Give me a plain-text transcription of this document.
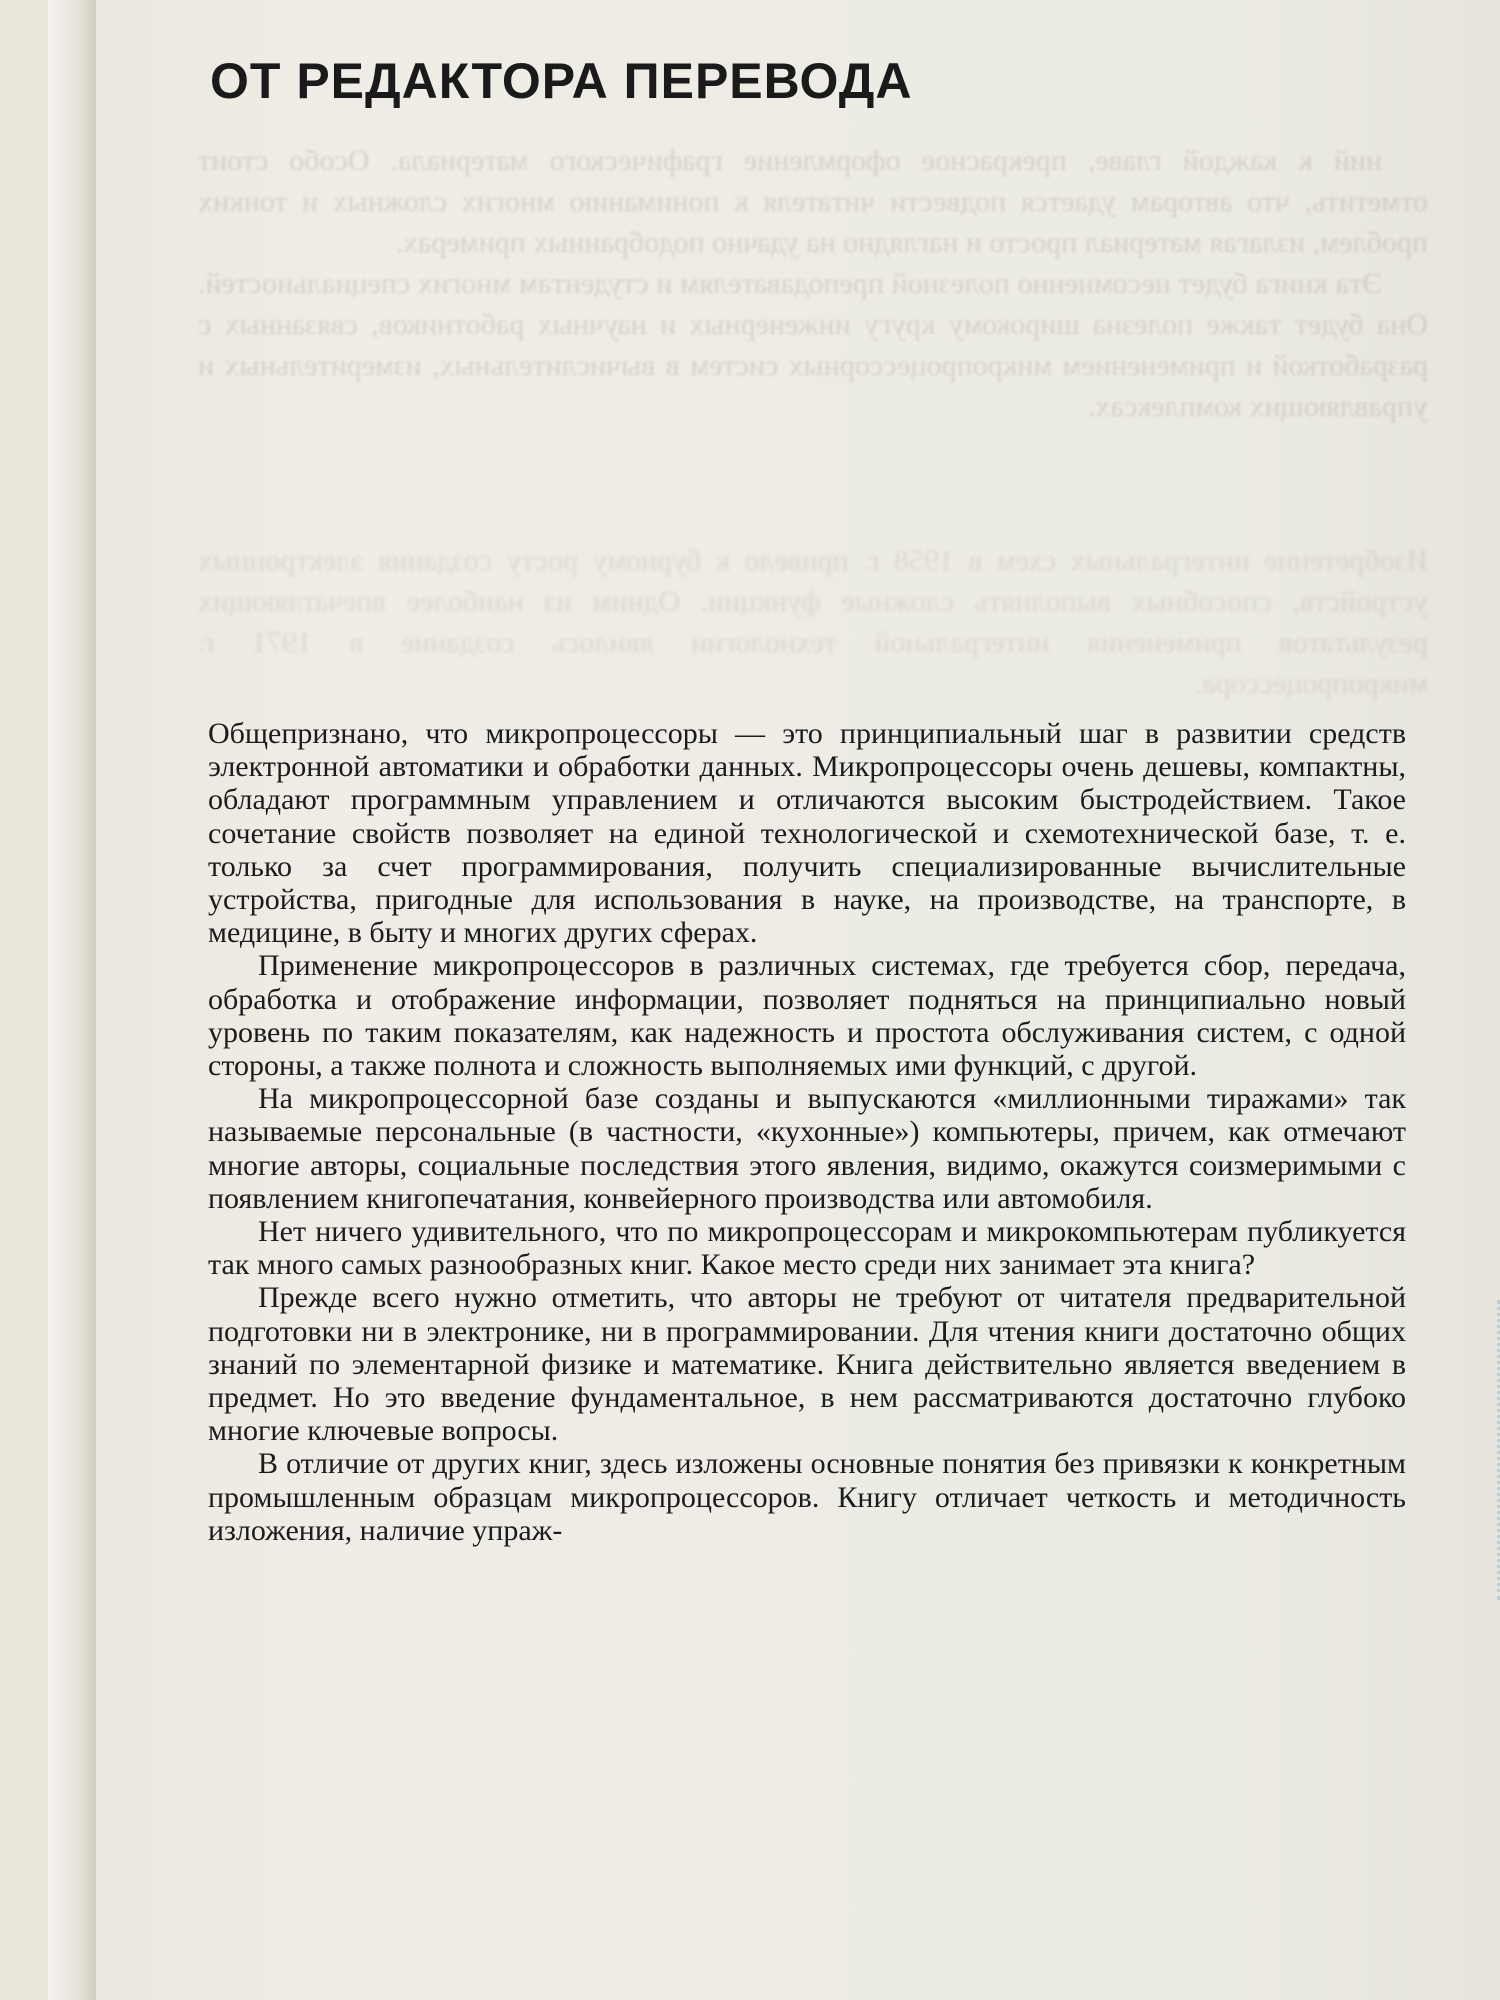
ний к каждой главе, прекрасное оформление графического материала. Особо стоит отметить, что авторам удается подвести читателя к пониманию многих сложных и тонких проблем, излагая материал просто и наглядно на удачно подобранных примерах.

Эта книга будет несомненно полезной преподавателям и студентам многих специальностей. Она будет также полезна широкому кругу инженерных и научных работников, связанных с разработкой и применением микропроцессорных систем в вычислительных, измерительных и управляющих комплексах.

Изобретение интегральных схем в 1958 г. привело к бурному росту создания электронных устройств, способных выполнять сложные функции. Одним из наиболее впечатляющих результатов применения интегральной технологии явилось создание в 1971 г. микропроцессора.

ОТ РЕДАКТОРА ПЕРЕВОДА

Общепризнано, что микропроцессоры — это принципиальный шаг в развитии средств электронной автоматики и обработки данных. Микропроцессоры очень дешевы, компактны, обладают программным управлением и отличаются высоким быстродействием. Такое сочетание свойств позволяет на единой технологической и схемотехнической базе, т. е. только за счет программирования, получить специализированные вычислительные устройства, пригодные для использования в науке, на производстве, на транспорте, в медицине, в быту и многих других сферах.

Применение микропроцессоров в различных системах, где требуется сбор, передача, обработка и отображение информации, позволяет подняться на принципиально новый уровень по таким показателям, как надежность и простота обслуживания систем, с одной стороны, а также полнота и сложность выполняемых ими функций, с другой.

На микропроцессорной базе созданы и выпускаются «миллионными тиражами» так называемые персональные (в частности, «кухонные») компьютеры, причем, как отмечают многие авторы, социальные последствия этого явления, видимо, окажутся соизмеримыми с появлением книгопечатания, конвейерного производства или автомобиля.

Нет ничего удивительного, что по микропроцессорам и микрокомпьютерам публикуется так много самых разнообразных книг. Какое место среди них занимает эта книга?

Прежде всего нужно отметить, что авторы не требуют от читателя предварительной подготовки ни в электронике, ни в программировании. Для чтения книги достаточно общих знаний по элементарной физике и математике. Книга действительно является введением в предмет. Но это введение фундаментальное, в нем рассматриваются достаточно глубоко многие ключевые вопросы.

В отличие от других книг, здесь изложены основные понятия без привязки к конкретным промышленным образцам микропроцессоров. Книгу отличает четкость и методичность изложения, наличие упраж-
